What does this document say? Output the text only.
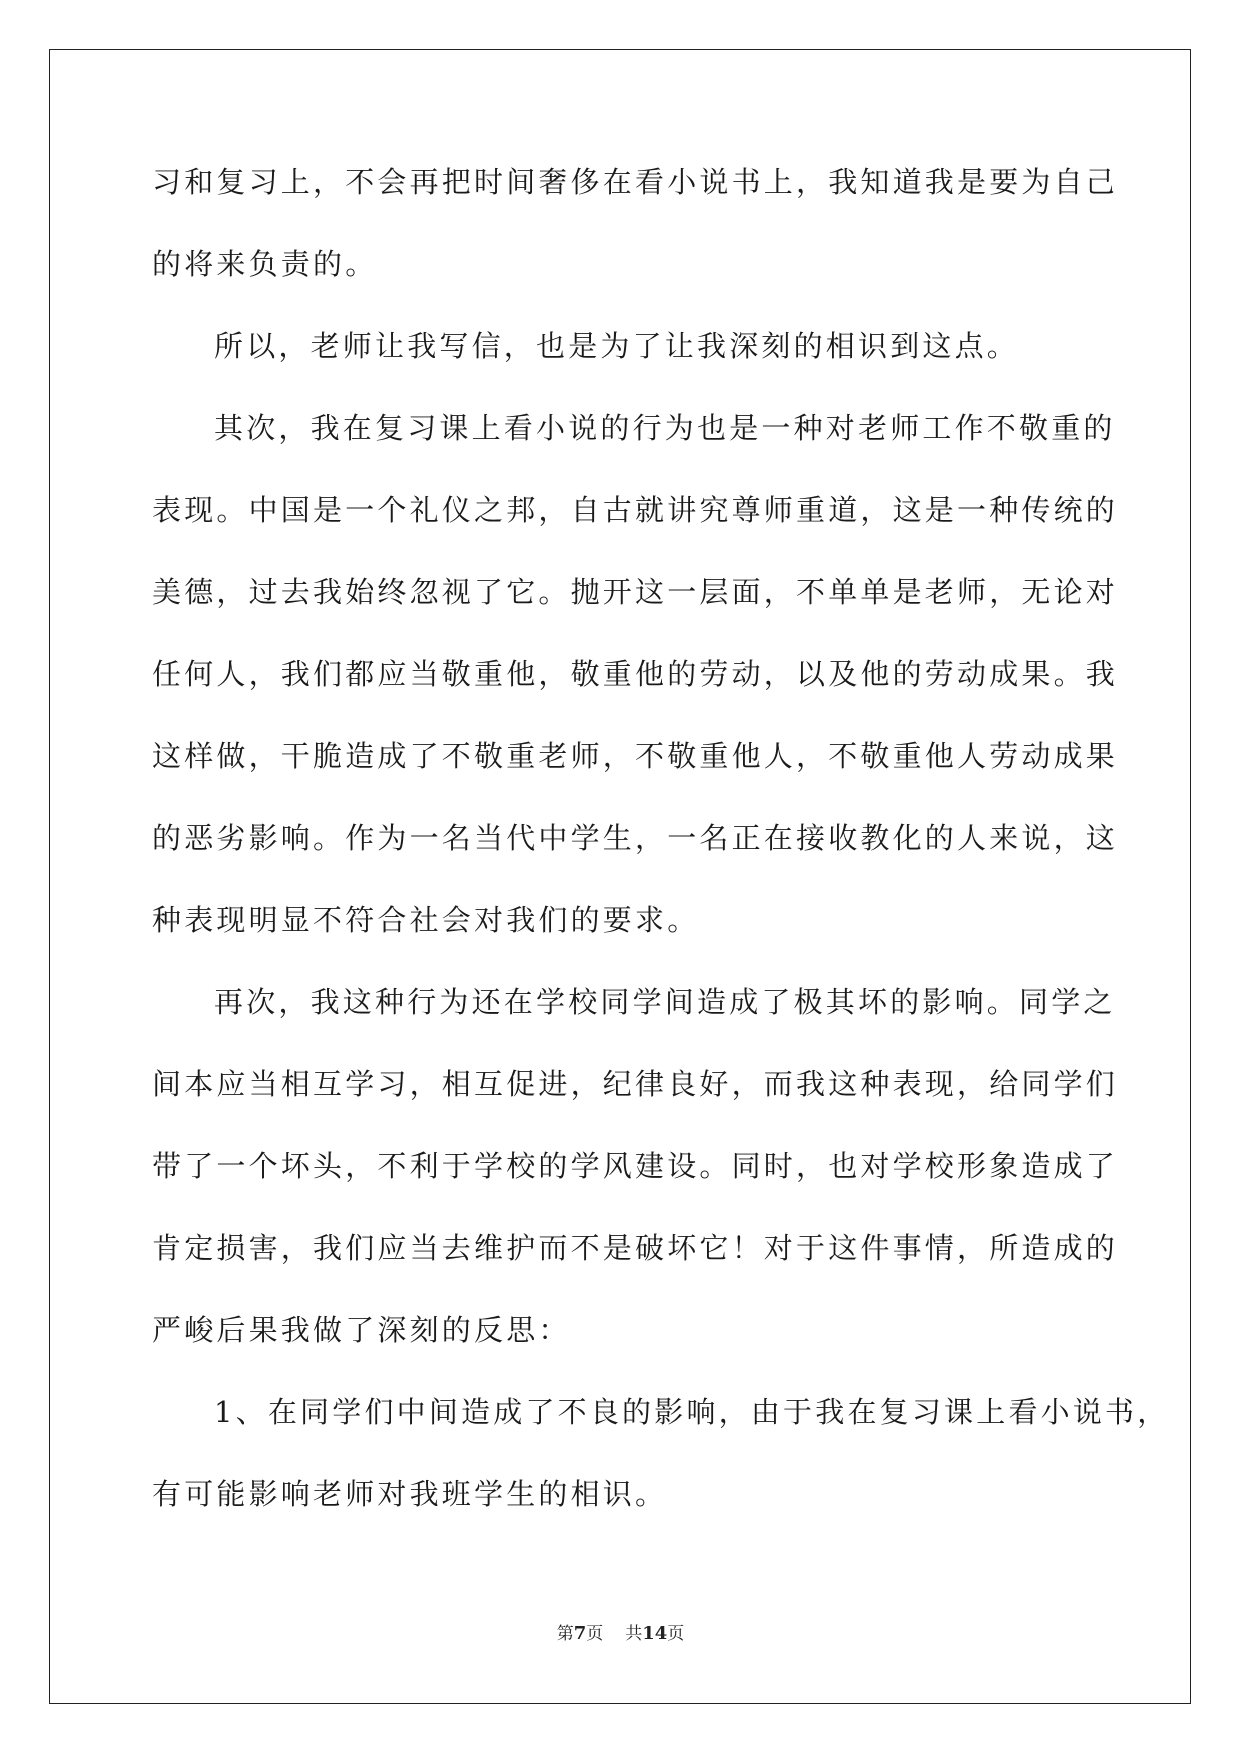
习和复习上，不会再把时间奢侈在看小说书上，我知道我是要为自己
的将来负责的。
所以，老师让我写信，也是为了让我深刻的相识到这点。
其次，我在复习课上看小说的行为也是一种对老师工作不敬重的
表现。中国是一个礼仪之邦，自古就讲究尊师重道，这是一种传统的
美德，过去我始终忽视了它。抛开这一层面，不单单是老师，无论对
任何人，我们都应当敬重他，敬重他的劳动，以及他的劳动成果。我
这样做，干脆造成了不敬重老师，不敬重他人，不敬重他人劳动成果
的恶劣影响。作为一名当代中学生，一名正在接收教化的人来说，这
种表现明显不符合社会对我们的要求。
再次，我这种行为还在学校同学间造成了极其坏的影响。同学之
间本应当相互学习，相互促进，纪律良好，而我这种表现，给同学们
带了一个坏头，不利于学校的学风建设。同时，也对学校形象造成了
肯定损害，我们应当去维护而不是破坏它！对于这件事情，所造成的
严峻后果我做了深刻的反思：
1、在同学们中间造成了不良的影响，由于我在复习课上看小说书，
有可能影响老师对我班学生的相识。
第7页 共14页
